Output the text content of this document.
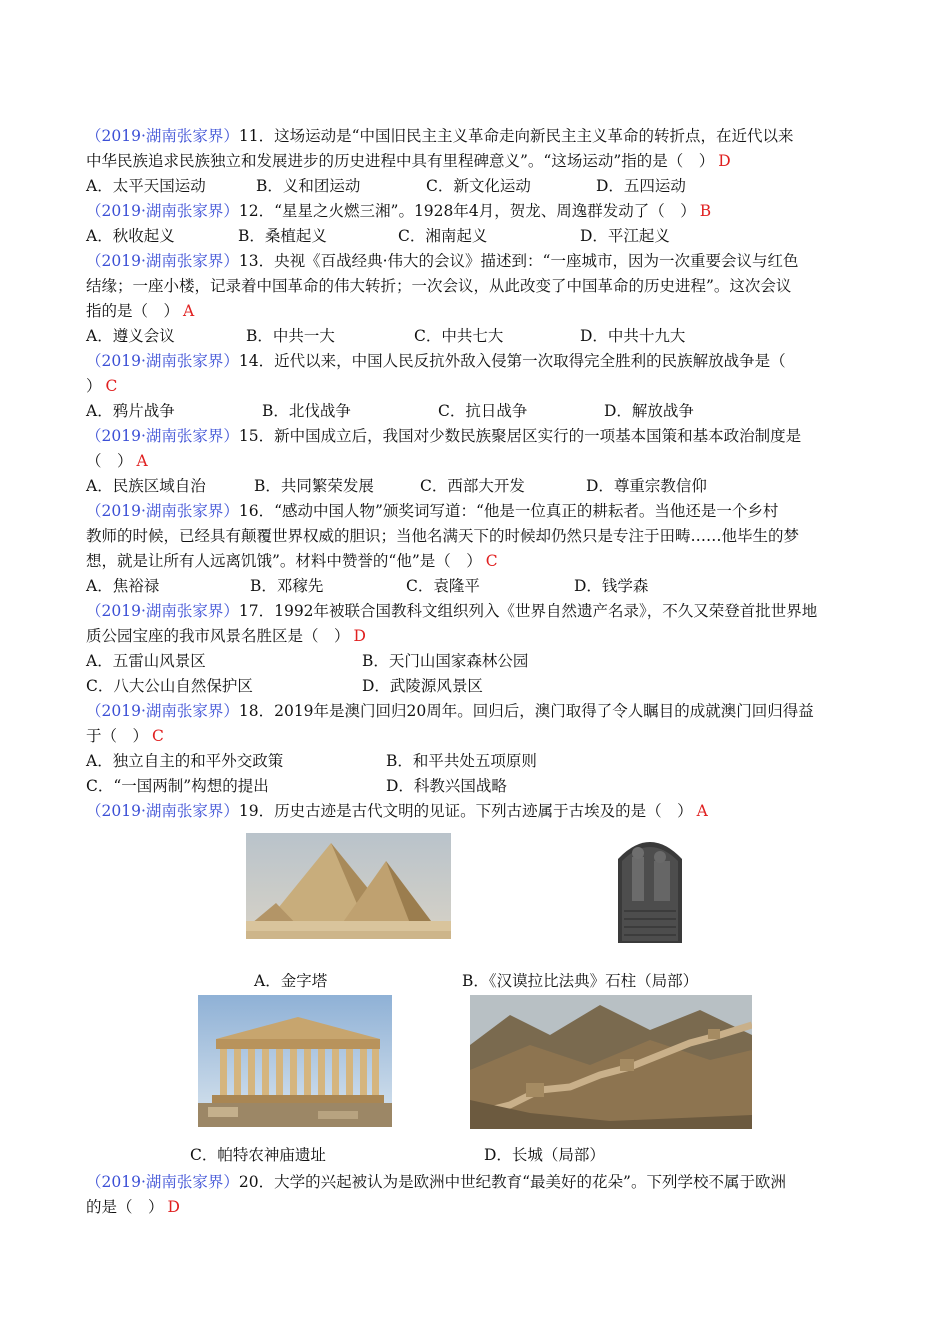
（2019·湖南张家界）11．这场运动是“中国旧民主主义革命走向新民主主义革命的转折点，在近代以来
中华民族追求民族独立和发展进步的历史进程中具有里程碑意义”。“这场运动”指的是（　） D
A．太平天国运动	B．义和团运动	C．新文化运动	D．五四运动
（2019·湖南张家界）12．“星星之火燃三湘”。1928年4月，贺龙、周逸群发动了（　） B
A．秋收起义	B．桑植起义	C．湘南起义	D．平江起义
（2019·湖南张家界）13．央视《百战经典·伟大的会议》描述到：“一座城市，因为一次重要会议与红色
结缘；一座小楼，记录着中国革命的伟大转折；一次会议，从此改变了中国革命的历史进程”。这次会议
指的是（　） A
A．遵义会议	B．中共一大	C．中共七大	D．中共十九大
（2019·湖南张家界）14．近代以来，中国人民反抗外敌入侵第一次取得完全胜利的民族解放战争是（
） C
A．鸦片战争	B．北伐战争	C．抗日战争	D．解放战争
（2019·湖南张家界）15．新中国成立后，我国对少数民族聚居区实行的一项基本国策和基本政治制度是
（　） A
A．民族区域自治	B．共同繁荣发展	C．西部大开发	D．尊重宗教信仰
（2019·湖南张家界）16．“感动中国人物”颁奖词写道：“他是一位真正的耕耘者。当他还是一个乡村
教师的时候，已经具有颠覆世界权威的胆识；当他名满天下的时候却仍然只是专注于田畴……他毕生的梦
想，就是让所有人远离饥饿”。材料中赞誉的“他”是（　） C
A．焦裕禄	B．邓稼先	C．袁隆平	D．钱学森
（2019·湖南张家界）17．1992年被联合国教科文组织列入《世界自然遗产名录》，不久又荣登首批世界地
质公园宝座的我市风景名胜区是（　） D
A．五雷山风景区	B．天门山国家森林公园
C．八大公山自然保护区	D．武陵源风景区
（2019·湖南张家界）18．2019年是澳门回归20周年。回归后，澳门取得了令人瞩目的成就澳门回归得益
于（　） C
A．独立自主的和平外交政策	B．和平共处五项原则
C．“一国两制”构想的提出	D．科教兴国战略
（2019·湖南张家界）19．历史古迹是古代文明的见证。下列古迹属于古埃及的是（　） A
A．金字塔	B．《汉谟拉比法典》石柱（局部）
C．帕特农神庙遗址	D．长城（局部）
（2019·湖南张家界）20．大学的兴起被认为是欧洲中世纪教育“最美好的花朵”。下列学校不属于欧洲
的是（　） D
